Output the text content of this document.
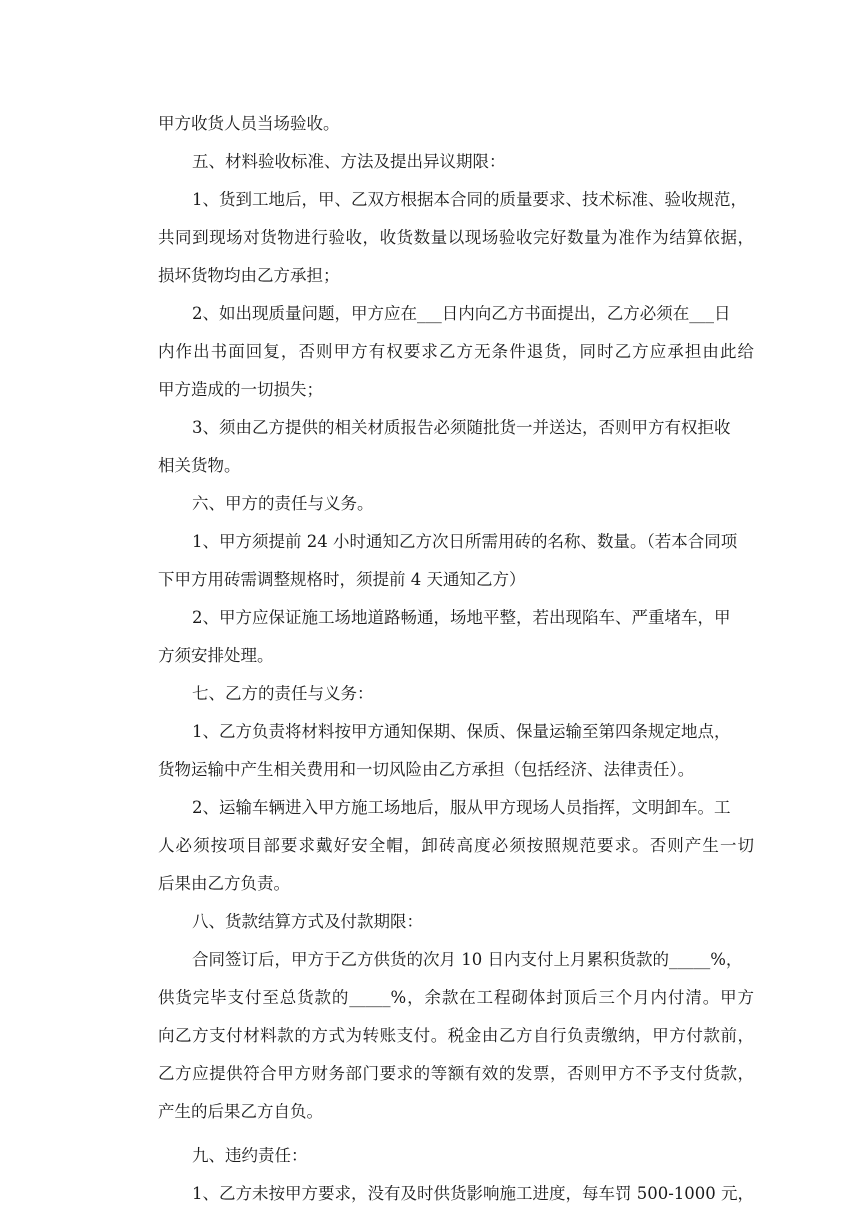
甲方收货人员当场验收。
五、材料验收标准、方法及提出异议期限：
1、货到工地后，甲、乙双方根据本合同的质量要求、技术标准、验收规范，
共同到现场对货物进行验收，收货数量以现场验收完好数量为准作为结算依据，
损坏货物均由乙方承担；
2、如出现质量问题，甲方应在___日内向乙方书面提出，乙方必须在___日
内作出书面回复，否则甲方有权要求乙方无条件退货，同时乙方应承担由此给
甲方造成的一切损失；
3、须由乙方提供的相关材质报告必须随批货一并送达，否则甲方有权拒收
相关货物。
六、甲方的责任与义务。
1、甲方须提前 24 小时通知乙方次日所需用砖的名称、数量。（若本合同项
下甲方用砖需调整规格时，须提前 4 天通知乙方）
2、甲方应保证施工场地道路畅通，场地平整，若出现陷车、严重堵车，甲
方须安排处理。
七、乙方的责任与义务：
1、乙方负责将材料按甲方通知保期、保质、保量运输至第四条规定地点，
货物运输中产生相关费用和一切风险由乙方承担（包括经济、法律责任）。
2、运输车辆进入甲方施工场地后，服从甲方现场人员指挥，文明卸车。工
人必须按项目部要求戴好安全帽，卸砖高度必须按照规范要求。否则产生一切
后果由乙方负责。
八、货款结算方式及付款期限：
合同签订后，甲方于乙方供货的次月 10 日内支付上月累积货款的_____%，
供货完毕支付至总货款的_____%，余款在工程砌体封顶后三个月内付清。甲方
向乙方支付材料款的方式为转账支付。税金由乙方自行负责缴纳，甲方付款前，
乙方应提供符合甲方财务部门要求的等额有效的发票，否则甲方不予支付货款，
产生的后果乙方自负。
九、违约责任：
1、乙方未按甲方要求，没有及时供货影响施工进度，每车罚 500-1000 元，
